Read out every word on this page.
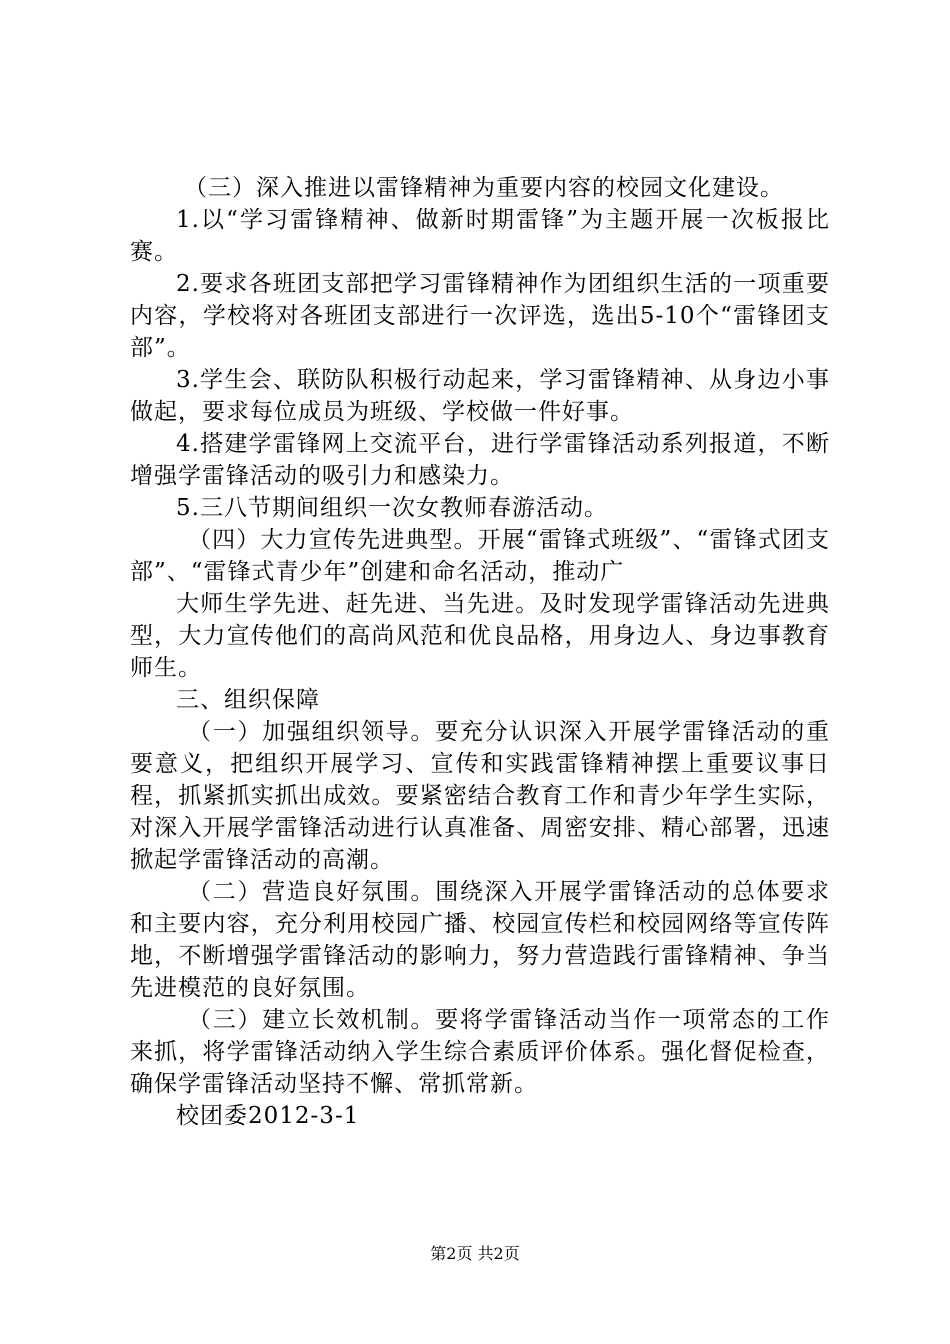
（三）深入推进以雷锋精神为重要内容的校园文化建设。

1.以“学习雷锋精神、做新时期雷锋”为主题开展一次板报比赛。

2.要求各班团支部把学习雷锋精神作为团组织生活的一项重要内容，学校将对各班团支部进行一次评选，选出5-10个“雷锋团支部”。

3.学生会、联防队积极行动起来，学习雷锋精神、从身边小事做起，要求每位成员为班级、学校做一件好事。

4.搭建学雷锋网上交流平台，进行学雷锋活动系列报道，不断增强学雷锋活动的吸引力和感染力。

5.三八节期间组织一次女教师春游活动。

（四）大力宣传先进典型。开展“雷锋式班级”、“雷锋式团支部”、“雷锋式青少年”创建和命名活动，推动广

大师生学先进、赶先进、当先进。及时发现学雷锋活动先进典型，大力宣传他们的高尚风范和优良品格，用身边人、身边事教育师生。

三、组织保障

（一）加强组织领导。要充分认识深入开展学雷锋活动的重要意义，把组织开展学习、宣传和实践雷锋精神摆上重要议事日程，抓紧抓实抓出成效。要紧密结合教育工作和青少年学生实际，对深入开展学雷锋活动进行认真准备、周密安排、精心部署，迅速掀起学雷锋活动的高潮。

（二）营造良好氛围。围绕深入开展学雷锋活动的总体要求和主要内容，充分利用校园广播、校园宣传栏和校园网络等宣传阵地，不断增强学雷锋活动的影响力，努力营造践行雷锋精神、争当先进模范的良好氛围。

（三）建立长效机制。要将学雷锋活动当作一项常态的工作来抓，将学雷锋活动纳入学生综合素质评价体系。强化督促检查，确保学雷锋活动坚持不懈、常抓常新。

校团委2012-3-1

第2页 共2页
